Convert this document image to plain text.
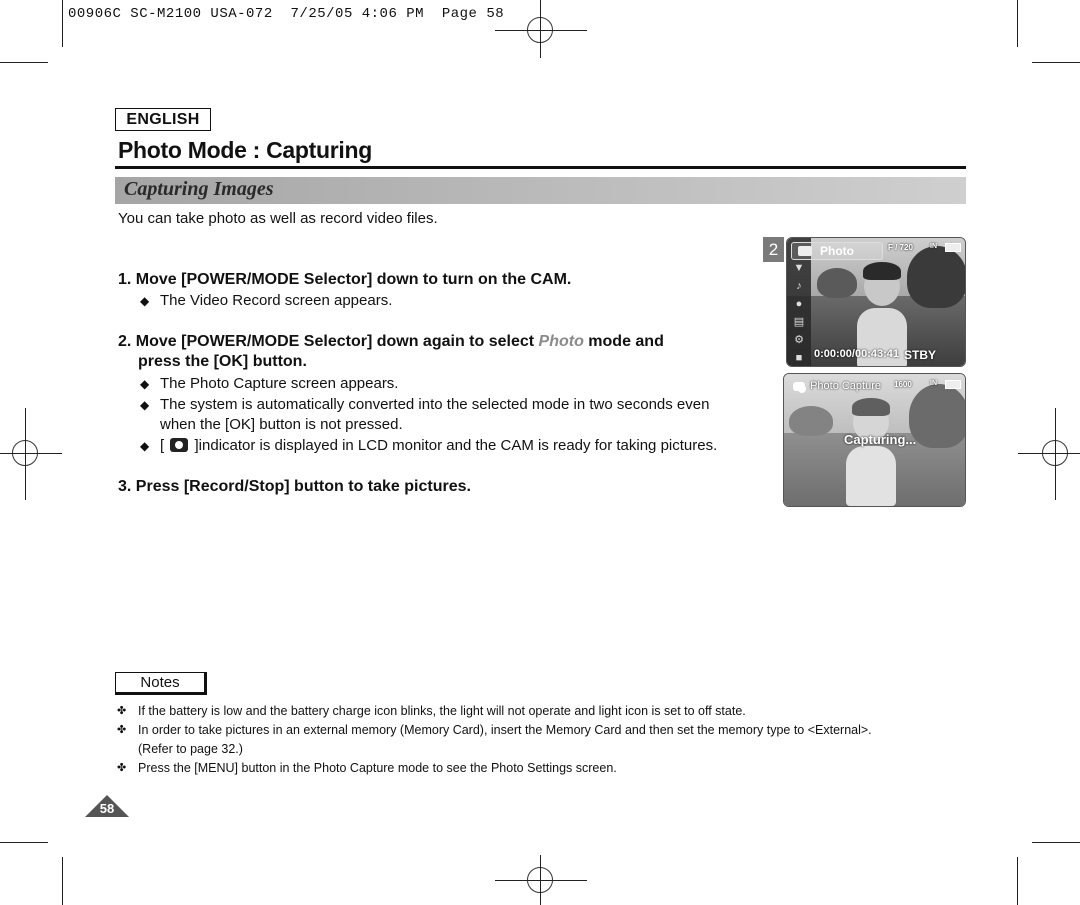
00906C SC-M2100 USA-072  7/25/05 4:06 PM  Page 58
ENGLISH
Photo Mode : Capturing
Capturing Images
You can take photo as well as record video files.
1. Move [POWER/MODE Selector] down to turn on the CAM.
◆ The Video Record screen appears.
2. Move [POWER/MODE Selector] down again to select Photo mode and
press the [OK] button.
◆ The Photo Capture screen appears.
◆ The system is automatically converted into the selected mode in two seconds even when the [OK] button is not pressed.
◆ [ ]indicator is displayed in LCD monitor and the CAM is ready for taking pictures.
3. Press [Record/Stop] button to take pictures.
2
▼
♪
●
▤
⚙
■
Photo	F / 720 IN
0:00:00/00:43:41 STBY
Photo Capture 1600	IN
Capturing...
Notes
✤ If the battery is low and the battery charge icon blinks, the light will not operate and light icon is set to off state.
✤ In order to take pictures in an external memory (Memory Card), insert the Memory Card and then set the memory type to <External>.
(Refer to page 32.)
✤ Press the [MENU] button in the Photo Capture mode to see the Photo Settings screen.
58
